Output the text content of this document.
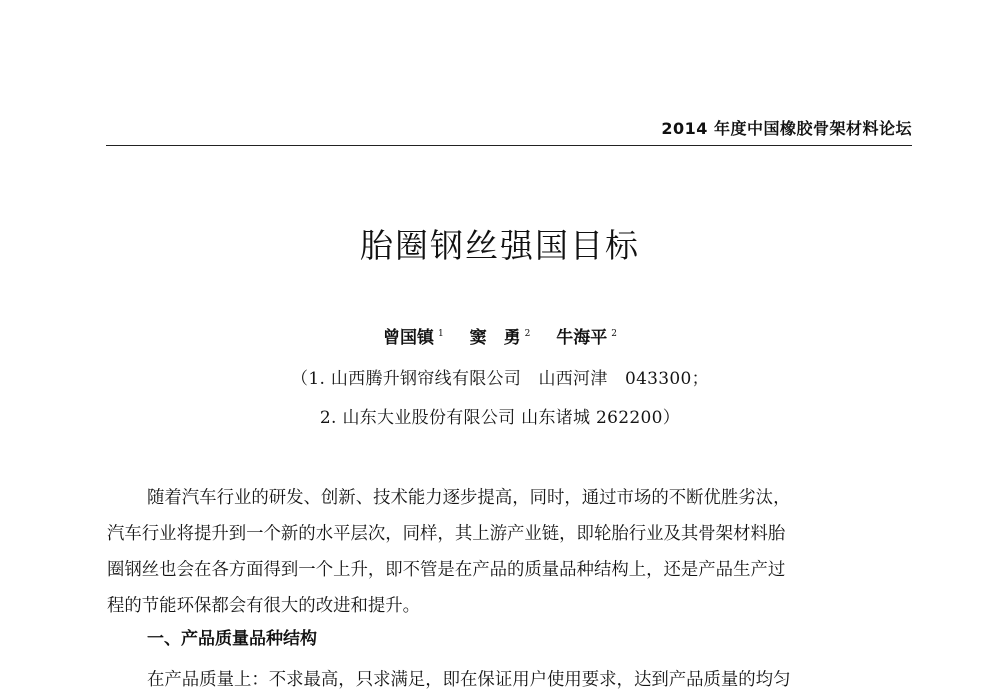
2014 年度中国橡胶骨架材料论坛
胎圈钢丝强国目标
曾国镇 $^1$ 窦　勇 $^2$ 牛海平 $^2$
（1. 山西腾升钢帘线有限公司　山西河津　043300；
2. 山东大业股份有限公司 山东诸城 262200）
随着汽车行业的研发、创新、技术能力逐步提高，同时，通过市场的不断优胜劣汰，
汽车行业将提升到一个新的水平层次，同样，其上游产业链，即轮胎行业及其骨架材料胎
圈钢丝也会在各方面得到一个上升，即不管是在产品的质量品种结构上，还是产品生产过
程的节能环保都会有很大的改进和提升。
一、产品质量品种结构
在产品质量上：不求最高，只求满足，即在保证用户使用要求，达到产品质量的均匀
